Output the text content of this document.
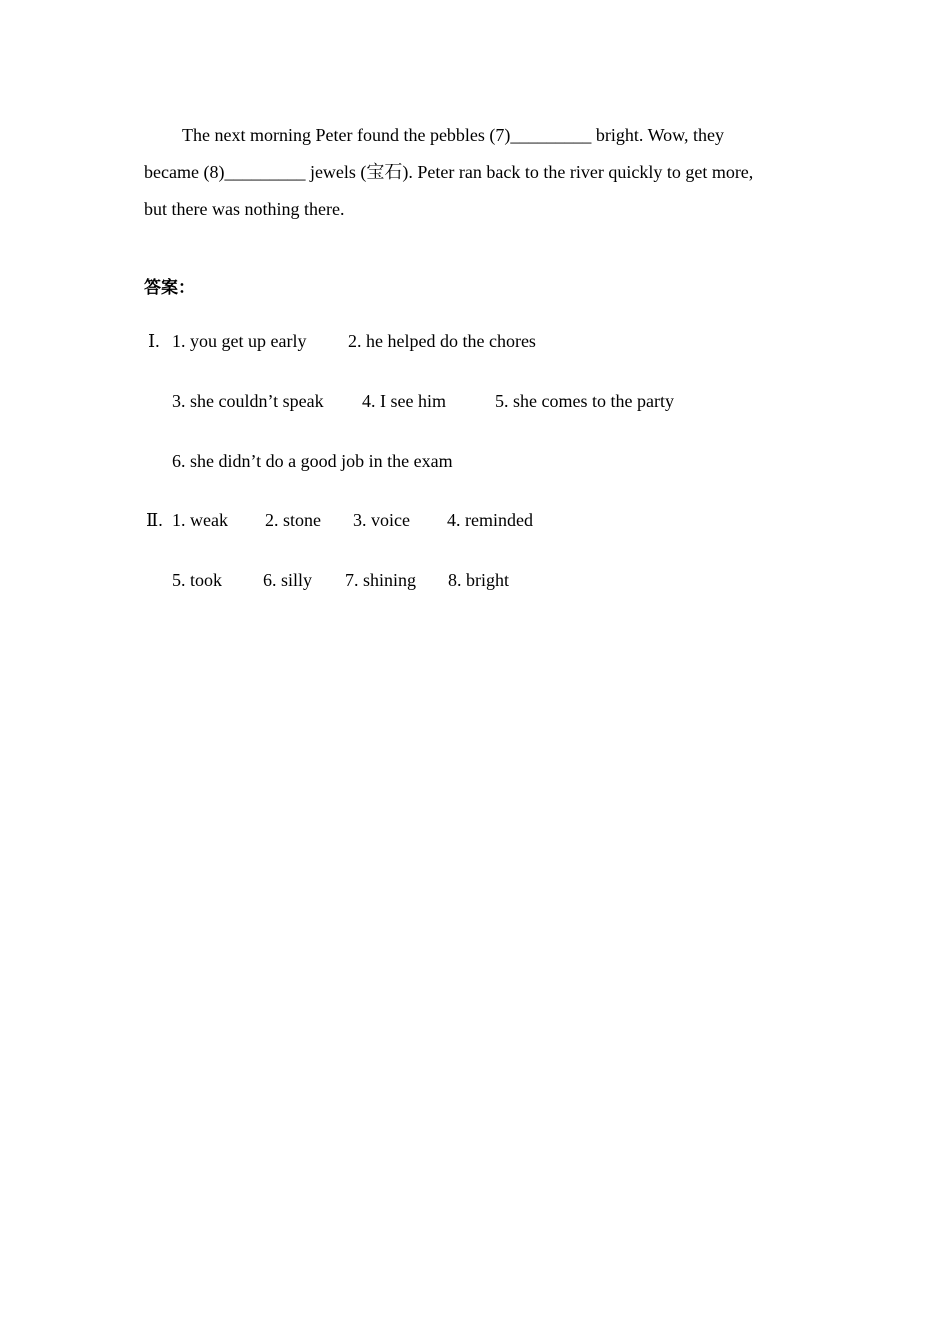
The next morning Peter found the pebbles (7)_________ bright. Wow, they
became (8)_________ jewels (宝石). Peter ran back to the river quickly to get more,
but there was nothing there.
答案：
Ⅰ. 1. you get up early 2. he helped do the chores
3. she couldn’t speak 4. I see him	5. she comes to the party
6. she didn’t do a good job in the exam
Ⅱ. 1. weak 2. stone 3. voice 4. reminded
5. took 6. silly 7. shining 8. bright
